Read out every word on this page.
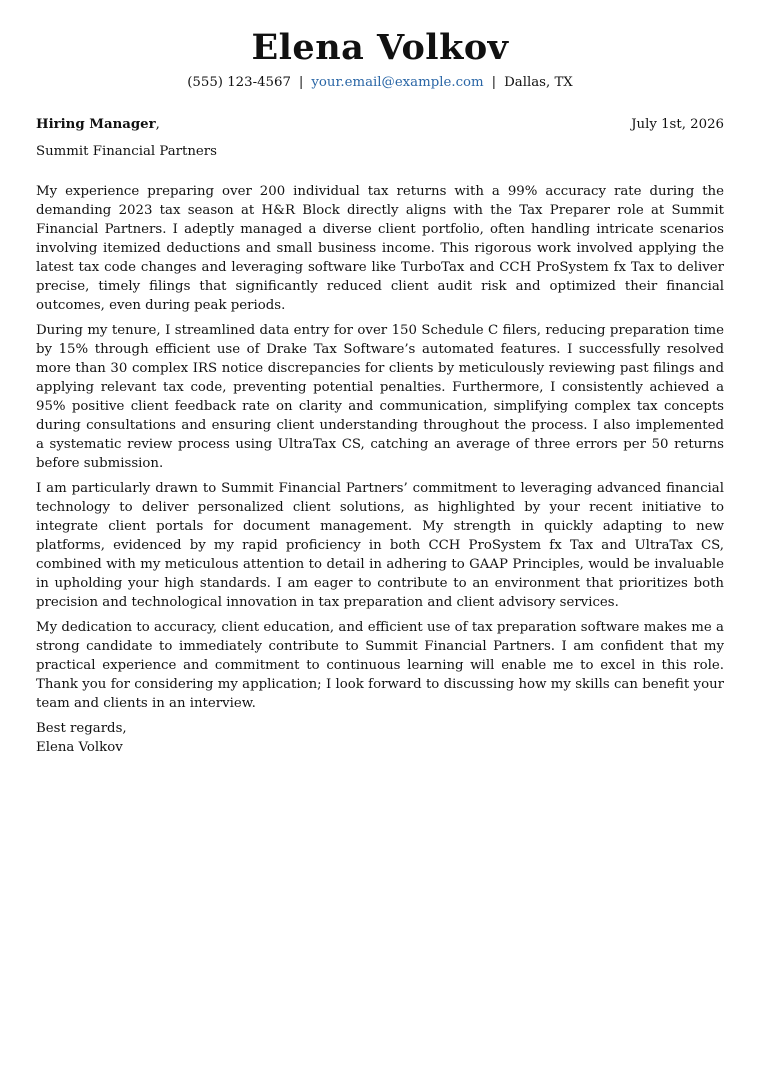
Elena Volkov
(555) 123-4567 | your.email@example.com | Dallas, TX
Hiring Manager,	July 1st, 2026
Summit Financial Partners

My experience preparing over 200 individual tax returns with a 99% accuracy rate during the demanding 2023 tax season at H&R Block directly aligns with the Tax Preparer role at Summit Financial Partners. I adeptly managed a diverse client portfolio, often handling intricate scenarios involving itemized deductions and small business income. This rigorous work involved applying the latest tax code changes and leveraging software like TurboTax and CCH ProSystem fx Tax to deliver precise, timely filings that significantly reduced client audit risk and optimized their financial outcomes, even during peak periods.

During my tenure, I streamlined data entry for over 150 Schedule C filers, reducing preparation time by 15% through efficient use of Drake Tax Software’s automated features. I successfully resolved more than 30 complex IRS notice discrepancies for clients by meticulously reviewing past filings and applying relevant tax code, preventing potential penalties. Furthermore, I consistently achieved a 95% positive client feedback rate on clarity and communication, simplifying complex tax concepts during consultations and ensuring client understanding throughout the process. I also implemented a systematic review process using UltraTax CS, catching an average of three errors per 50 returns before submission.

I am particularly drawn to Summit Financial Partners’ commitment to leveraging advanced financial technology to deliver personalized client solutions, as highlighted by your recent initiative to integrate client portals for document management. My strength in quickly adapting to new platforms, evidenced by my rapid proficiency in both CCH ProSystem fx Tax and UltraTax CS, combined with my meticulous attention to detail in adhering to GAAP Principles, would be invaluable in upholding your high standards. I am eager to contribute to an environment that prioritizes both precision and technological innovation in tax preparation and client advisory services.

My dedication to accuracy, client education, and efficient use of tax preparation software makes me a strong candidate to immediately contribute to Summit Financial Partners. I am confident that my practical experience and commitment to continuous learning will enable me to excel in this role. Thank you for considering my application; I look forward to discussing how my skills can benefit your team and clients in an interview.

Best regards,
Elena Volkov
